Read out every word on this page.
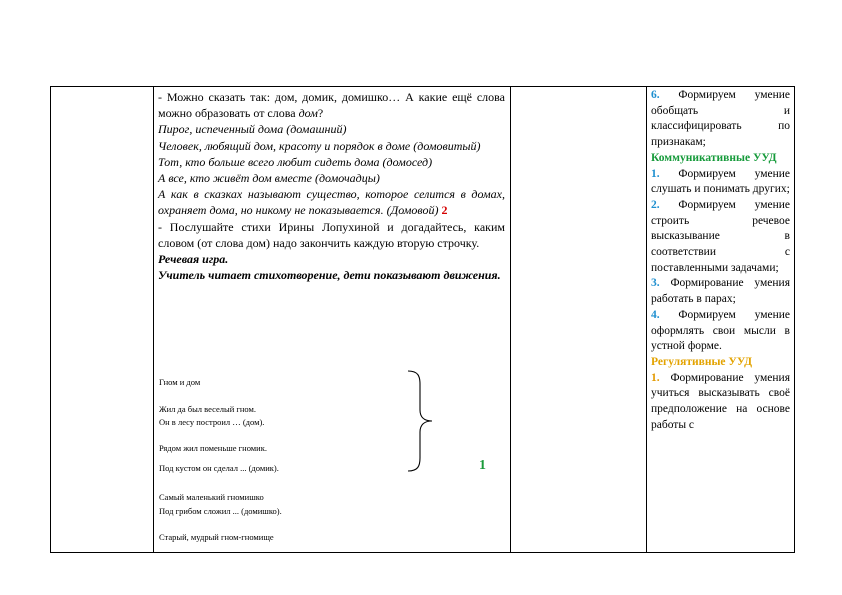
- Можно сказать так: дом, домик, домишко… А какие ещё слова можно образовать от слова дом?

Пирог, испеченный дома (домашний)

Человек, любящий дом, красоту и порядок в доме (домовитый)

Тот, кто больше всего любит сидеть дома (домосед)

А все, кто живёт дом вместе (домочадцы)

А как в сказках называют существо, которое селится в домах, охраняет дома, но никому не показывается. (Домовой) 2

- Послушайте стихи Ирины Лопухиной и догадайтесь, каким словом (от слова дом) надо закончить каждую вторую строчку.

Речевая игра.

Учитель читает стихотворение, дети показывают движения.

Гном и дом
Жил да был веселый гном.
Он в лесу построил … (дом).
Рядом жил поменьше гномик.
Под кустом он сделал ... (домик).
Самый маленький гномишко
Под грибом сложил ... (домишко).
Старый, мудрый гном-гномище
1

6. Формируем умение обобщать и классифицировать по признакам;

Коммуникативные УУД

1. Формируем умение слушать и понимать других;

2. Формируем умение строить речевое высказывание в соответствии с поставленными задачами;

3. Формирование умения работать в парах;

4. Формируем умение оформлять свои мысли в устной форме.

Регулятивные УУД

1. Формирование умения учиться высказывать своё предположение на основе работы с
